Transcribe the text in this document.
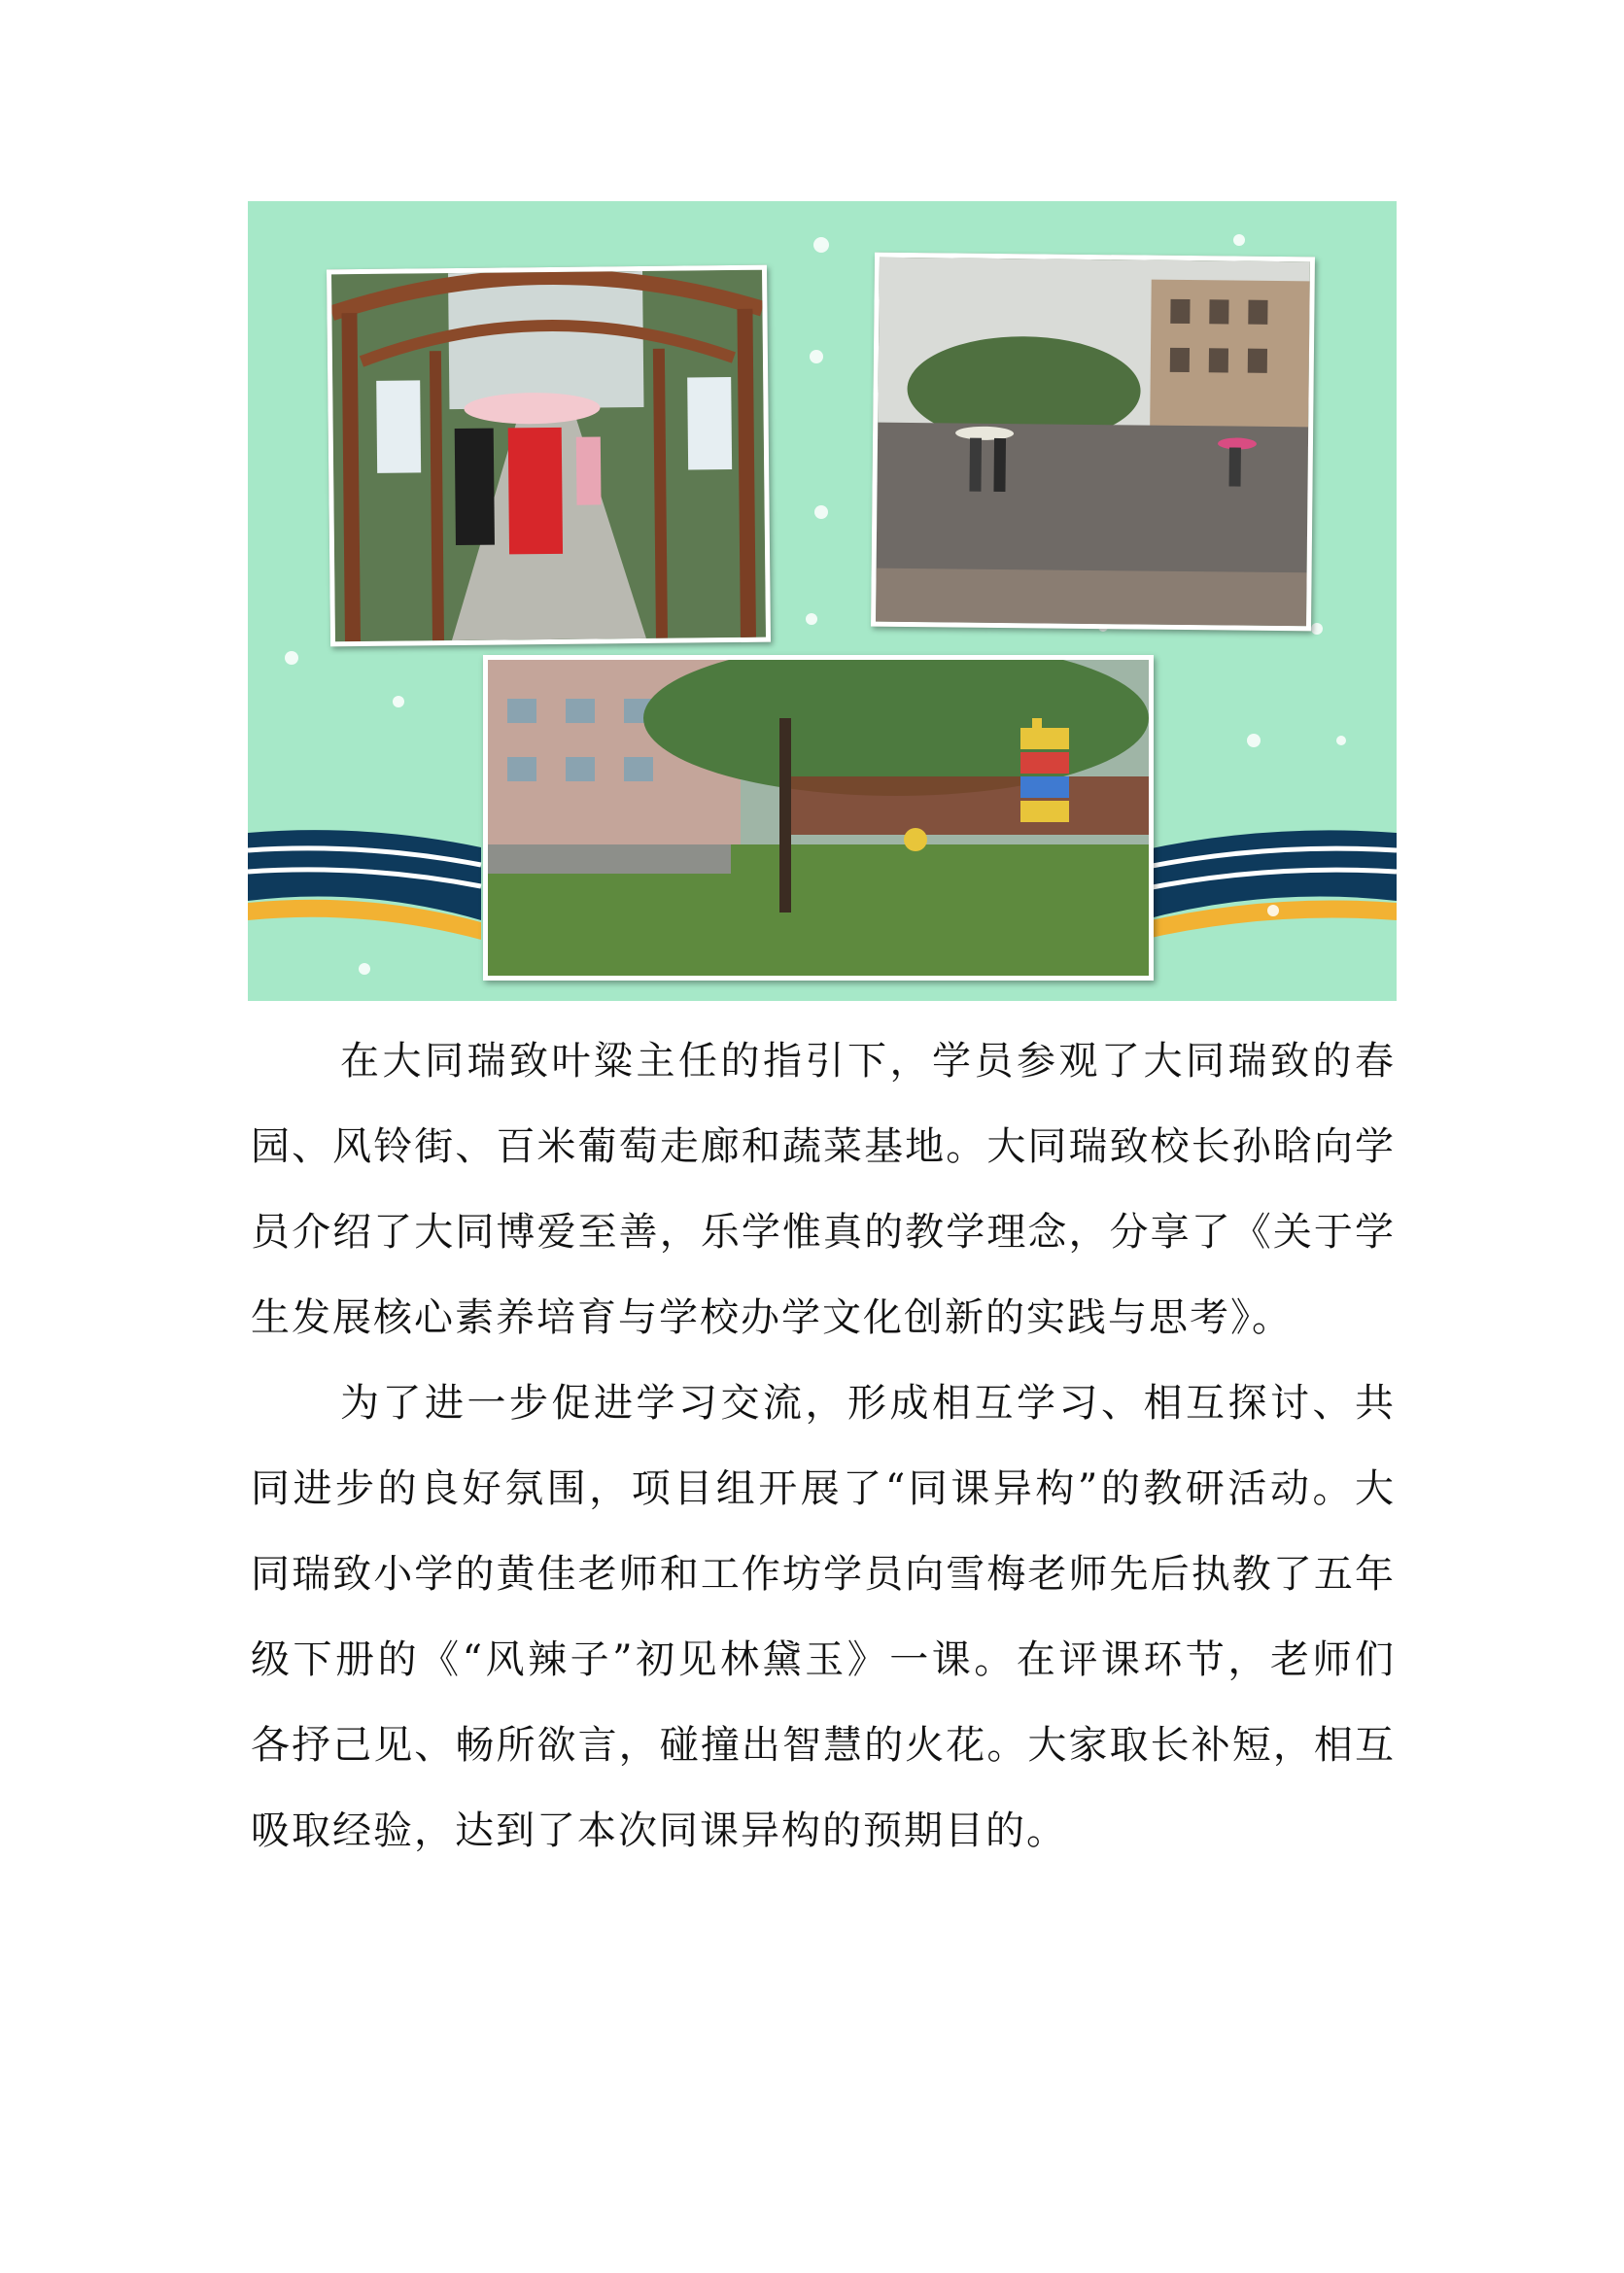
在大同瑞致叶粱主任的指引下，学员参观了大同瑞致的春园、风铃街、百米葡萄走廊和蔬菜基地。大同瑞致校长孙晗向学员介绍了大同博爱至善，乐学惟真的教学理念，分享了《关于学生发展核心素养培育与学校办学文化创新的实践与思考》。

为了进一步促进学习交流，形成相互学习、相互探讨、共同进步的良好氛围，项目组开展了“同课异构”的教研活动。大同瑞致小学的黄佳老师和工作坊学员向雪梅老师先后执教了五年级下册的《“风辣子”初见林黛玉》一课。在评课环节，老师们各抒己见、畅所欲言，碰撞出智慧的火花。大家取长补短，相互吸取经验，达到了本次同课异构的预期目的。
